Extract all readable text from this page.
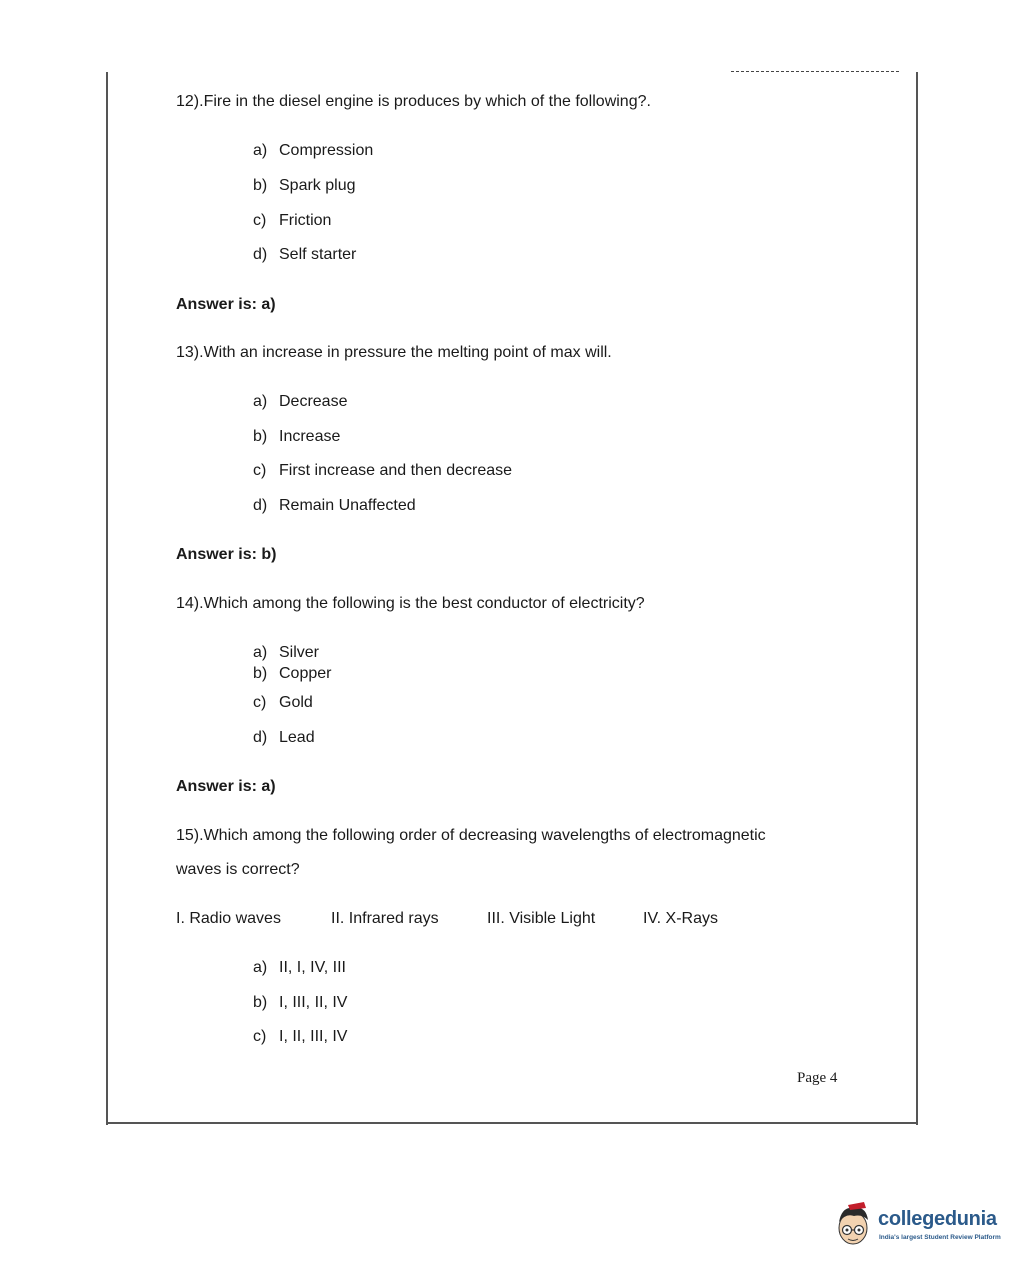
12).Fire in the diesel engine is produces by which of the following?.
a) Compression
b) Spark plug
c) Friction
d) Self starter
Answer is: a)
13).With an increase in pressure the melting point of max will.
a) Decrease
b) Increase
c) First increase and then decrease
d) Remain Unaffected
Answer is: b)
14).Which among the following is the best conductor of electricity?
a) Silver
b) Copper
c) Gold
d) Lead
Answer is: a)
15).Which among the following order of decreasing wavelengths of electromagnetic
waves is correct?
I. Radio waves	II. Infrared rays	III. Visible Light	IV. X-Rays
a) II, I, IV, III
b) I, III, II, IV
c) I, II, III, IV
Page 4
collegedunia
India's largest Student Review Platform
